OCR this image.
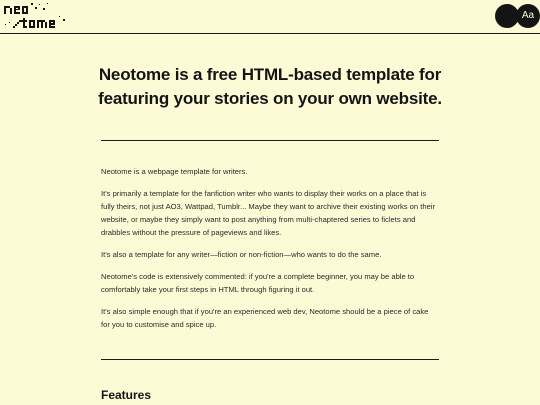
Aa
Neotome is a free HTML-based template for featuring your stories on your own website.

Neotome is a webpage template for writers.

It's primarily a template for the fanfiction writer who wants to display their works on a place that is fully theirs, not just AO3, Wattpad, Tumblr... Maybe they want to archive their existing works on their website, or maybe they simply want to post anything from multi-chaptered series to ficlets and drabbles without the pressure of pageviews and likes.

It's also a template for any writer—fiction or non-fiction—who wants to do the same.

Neotome's code is extensively commented: if you're a complete beginner, you may be able to comfortably take your first steps in HTML through figuring it out.

It's also simple enough that if you're an experienced web dev, Neotome should be a piece of cake for you to customise and spice up.

Features
